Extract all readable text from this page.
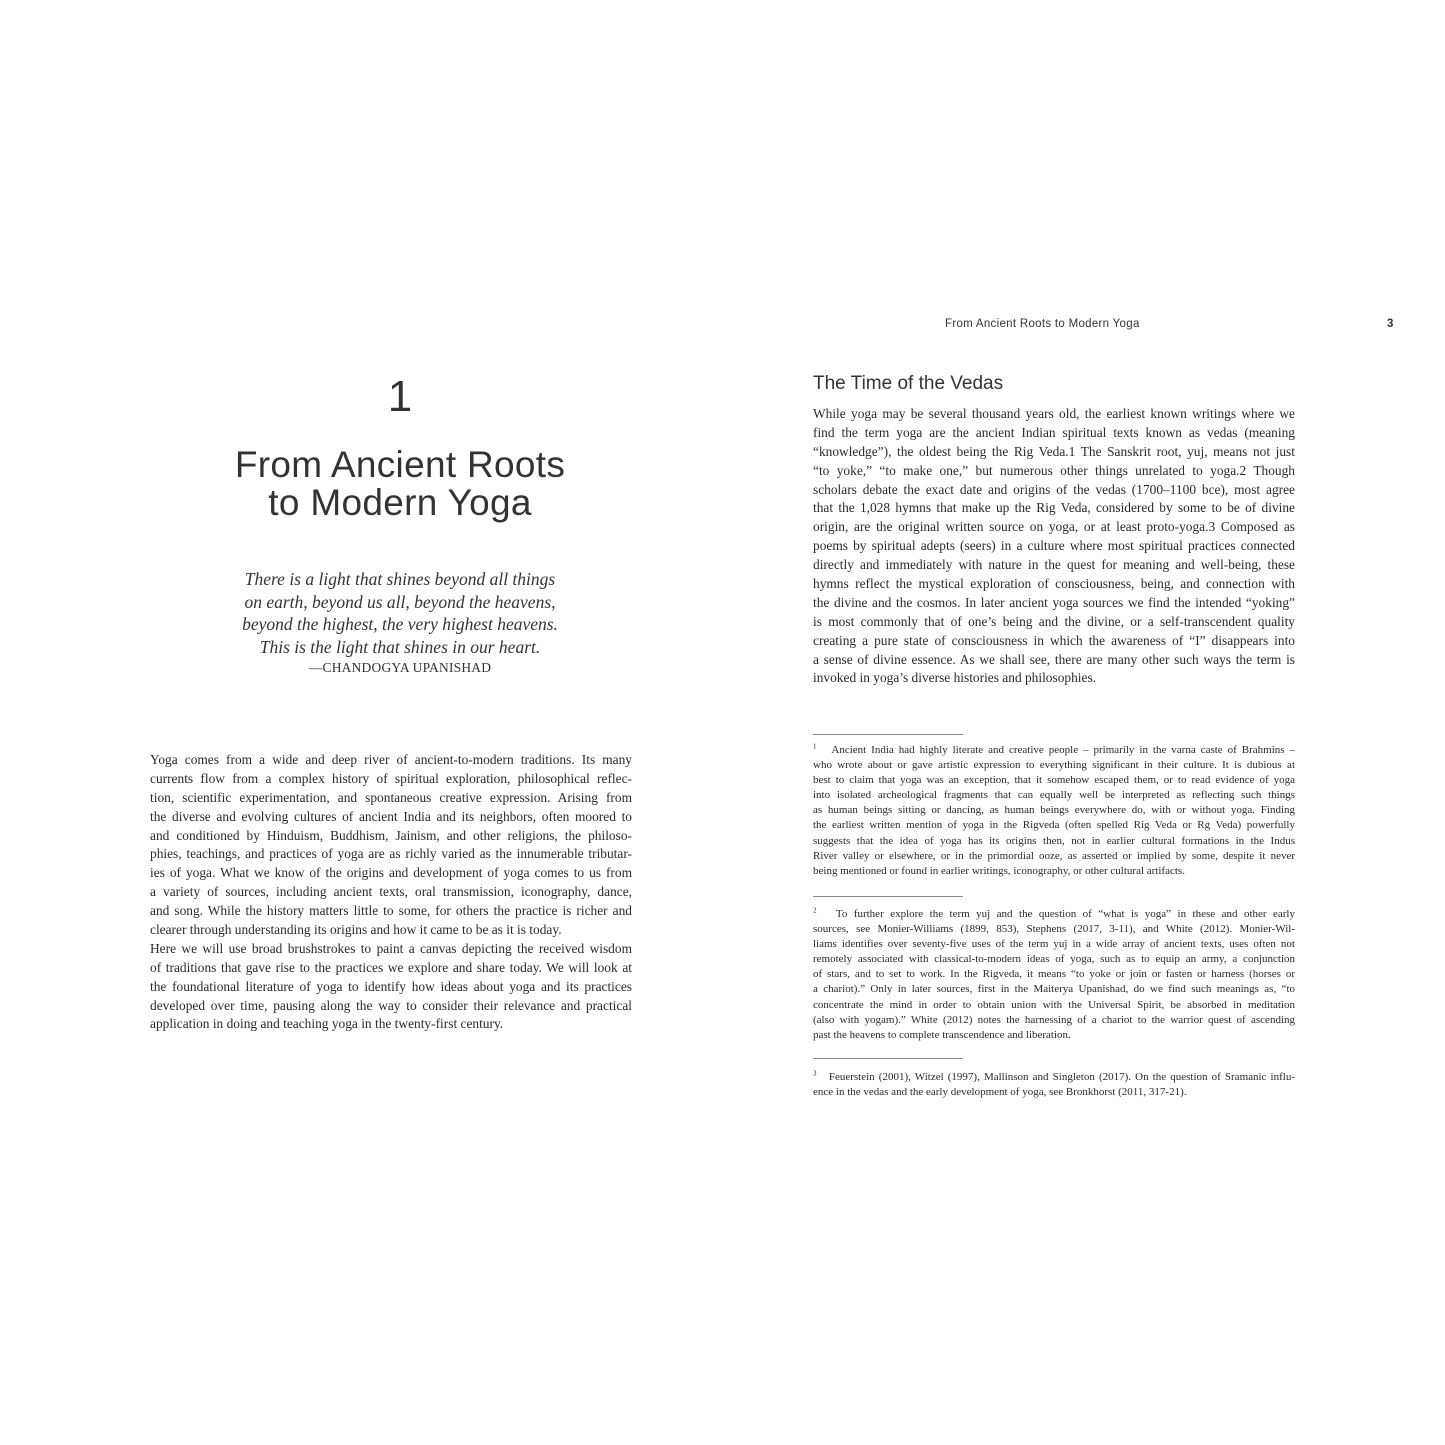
1
From Ancient Roots
to Modern Yoga
There is a light that shines beyond all things
on earth, beyond us all, beyond the heavens,
beyond the highest, the very highest heavens.
This is the light that shines in our heart.
—CHANDOGYA UPANISHAD
Yoga comes from a wide and deep river of ancient-to-modern traditions. Its many
currents flow from a complex history of spiritual exploration, philosophical reflec-
tion, scientific experimentation, and spontaneous creative expression. Arising from
the diverse and evolving cultures of ancient India and its neighbors, often moored to
and conditioned by Hinduism, Buddhism, Jainism, and other religions, the philoso-
phies, teachings, and practices of yoga are as richly varied as the innumerable tributar-
ies of yoga. What we know of the origins and development of yoga comes to us from
a variety of sources, including ancient texts, oral transmission, iconography, dance,
and song. While the history matters little to some, for others the practice is richer and
clearer through understanding its origins and how it came to be as it is today.
Here we will use broad brushstrokes to paint a canvas depicting the received wisdom
of traditions that gave rise to the practices we explore and share today. We will look at
the foundational literature of yoga to identify how ideas about yoga and its practices
developed over time, pausing along the way to consider their relevance and practical
application in doing and teaching yoga in the twenty-first century.
From Ancient Roots to Modern Yoga	3
The Time of the Vedas
While yoga may be several thousand years old, the earliest known writings where we
find the term yoga are the ancient Indian spiritual texts known as vedas (meaning
“knowledge”), the oldest being the Rig Veda.1 The Sanskrit root, yuj, means not just
“to yoke,” “to make one,” but numerous other things unrelated to yoga.2 Though
scholars debate the exact date and origins of the vedas (1700–1100 bce), most agree
that the 1,028 hymns that make up the Rig Veda, considered by some to be of divine
origin, are the original written source on yoga, or at least proto-yoga.3 Composed as
poems by spiritual adepts (seers) in a culture where most spiritual practices connected
directly and immediately with nature in the quest for meaning and well-being, these
hymns reflect the mystical exploration of consciousness, being, and connection with
the divine and the cosmos. In later ancient yoga sources we find the intended “yoking”
is most commonly that of one’s being and the divine, or a self-transcendent quality
creating a pure state of consciousness in which the awareness of “I” disappears into
a sense of divine essence. As we shall see, there are many other such ways the term is
invoked in yoga’s diverse histories and philosophies.
$^1$ Ancient India had highly literate and creative people – primarily in the varna caste of Brahmins –
who wrote about or gave artistic expression to everything significant in their culture. It is dubious at
best to claim that yoga was an exception, that it somehow escaped them, or to read evidence of yoga
into isolated archeological fragments that can equally well be interpreted as reflecting such things
as human beings sitting or dancing, as human beings everywhere do, with or without yoga. Finding
the earliest written mention of yoga in the Rigveda (often spelled Rig Veda or Rg Veda) powerfully
suggests that the idea of yoga has its origins then, not in earlier cultural formations in the Indus
River valley or elsewhere, or in the primordial ooze, as asserted or implied by some, despite it never
being mentioned or found in earlier writings, iconography, or other cultural artifacts.
$^2$ To further explore the term yuj and the question of “what is yoga” in these and other early
sources, see Monier-Williams (1899, 853), Stephens (2017, 3-11), and White (2012). Monier-Wil-
liams identifies over seventy-five uses of the term yuj in a wide array of ancient texts, uses often not
remotely associated with classical-to-modern ideas of yoga, such as to equip an army, a conjunction
of stars, and to set to work. In the Rigveda, it means “to yoke or join or fasten or harness (horses or
a chariot).” Only in later sources, first in the Maiterya Upanishad, do we find such meanings as, “to
concentrate the mind in order to obtain union with the Universal Spirit, be absorbed in meditation
(also with yogam).” White (2012) notes the harnessing of a chariot to the warrior quest of ascending
past the heavens to complete transcendence and liberation.
$^3$ Feuerstein (2001), Witzel (1997), Mallinson and Singleton (2017). On the question of Sramanic influ-
ence in the vedas and the early development of yoga, see Bronkhorst (2011, 317-21).
